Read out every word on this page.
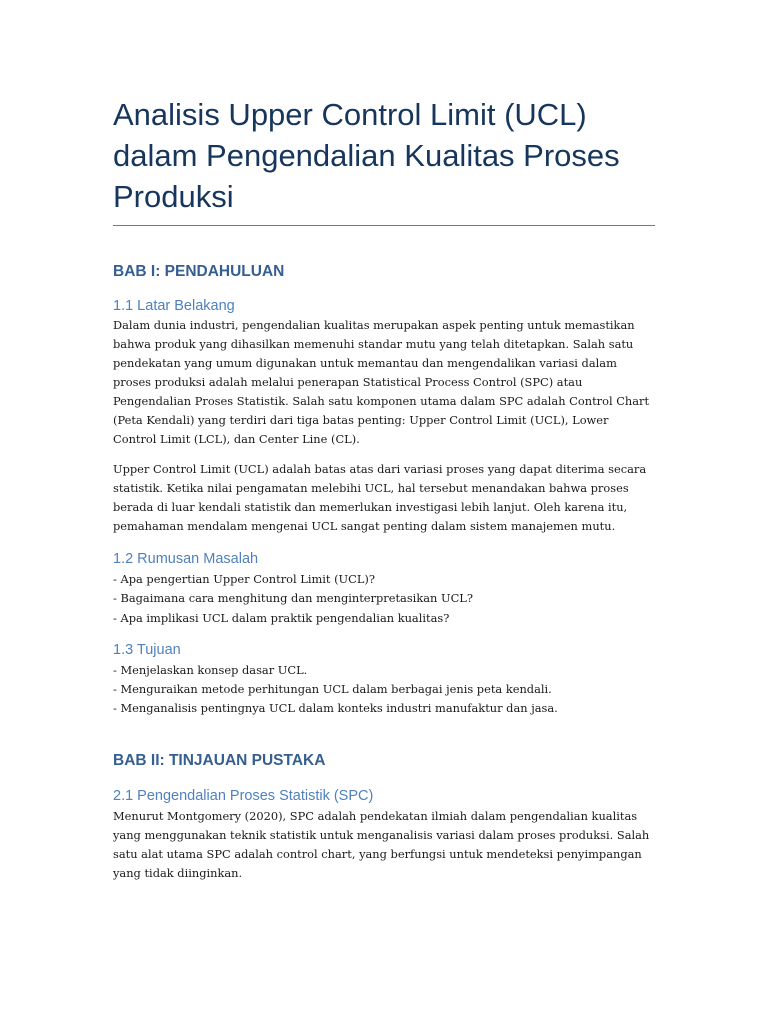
Analisis Upper Control Limit (UCL) dalam Pengendalian Kualitas Proses Produksi
BAB I: PENDAHULUAN
1.1 Latar Belakang

Dalam dunia industri, pengendalian kualitas merupakan aspek penting untuk memastikan bahwa produk yang dihasilkan memenuhi standar mutu yang telah ditetapkan. Salah satu pendekatan yang umum digunakan untuk memantau dan mengendalikan variasi dalam proses produksi adalah melalui penerapan Statistical Process Control (SPC) atau Pengendalian Proses Statistik. Salah satu komponen utama dalam SPC adalah Control Chart (Peta Kendali) yang terdiri dari tiga batas penting: Upper Control Limit (UCL), Lower Control Limit (LCL), dan Center Line (CL).

Upper Control Limit (UCL) adalah batas atas dari variasi proses yang dapat diterima secara statistik. Ketika nilai pengamatan melebihi UCL, hal tersebut menandakan bahwa proses berada di luar kendali statistik dan memerlukan investigasi lebih lanjut. Oleh karena itu, pemahaman mendalam mengenai UCL sangat penting dalam sistem manajemen mutu.

1.2 Rumusan Masalah

- Apa pengertian Upper Control Limit (UCL)?

- Bagaimana cara menghitung dan menginterpretasikan UCL?

- Apa implikasi UCL dalam praktik pengendalian kualitas?

1.3 Tujuan

- Menjelaskan konsep dasar UCL.

- Menguraikan metode perhitungan UCL dalam berbagai jenis peta kendali.

- Menganalisis pentingnya UCL dalam konteks industri manufaktur dan jasa.

BAB II: TINJAUAN PUSTAKA
2.1 Pengendalian Proses Statistik (SPC)

Menurut Montgomery (2020), SPC adalah pendekatan ilmiah dalam pengendalian kualitas yang menggunakan teknik statistik untuk menganalisis variasi dalam proses produksi. Salah satu alat utama SPC adalah control chart, yang berfungsi untuk mendeteksi penyimpangan yang tidak diinginkan.
